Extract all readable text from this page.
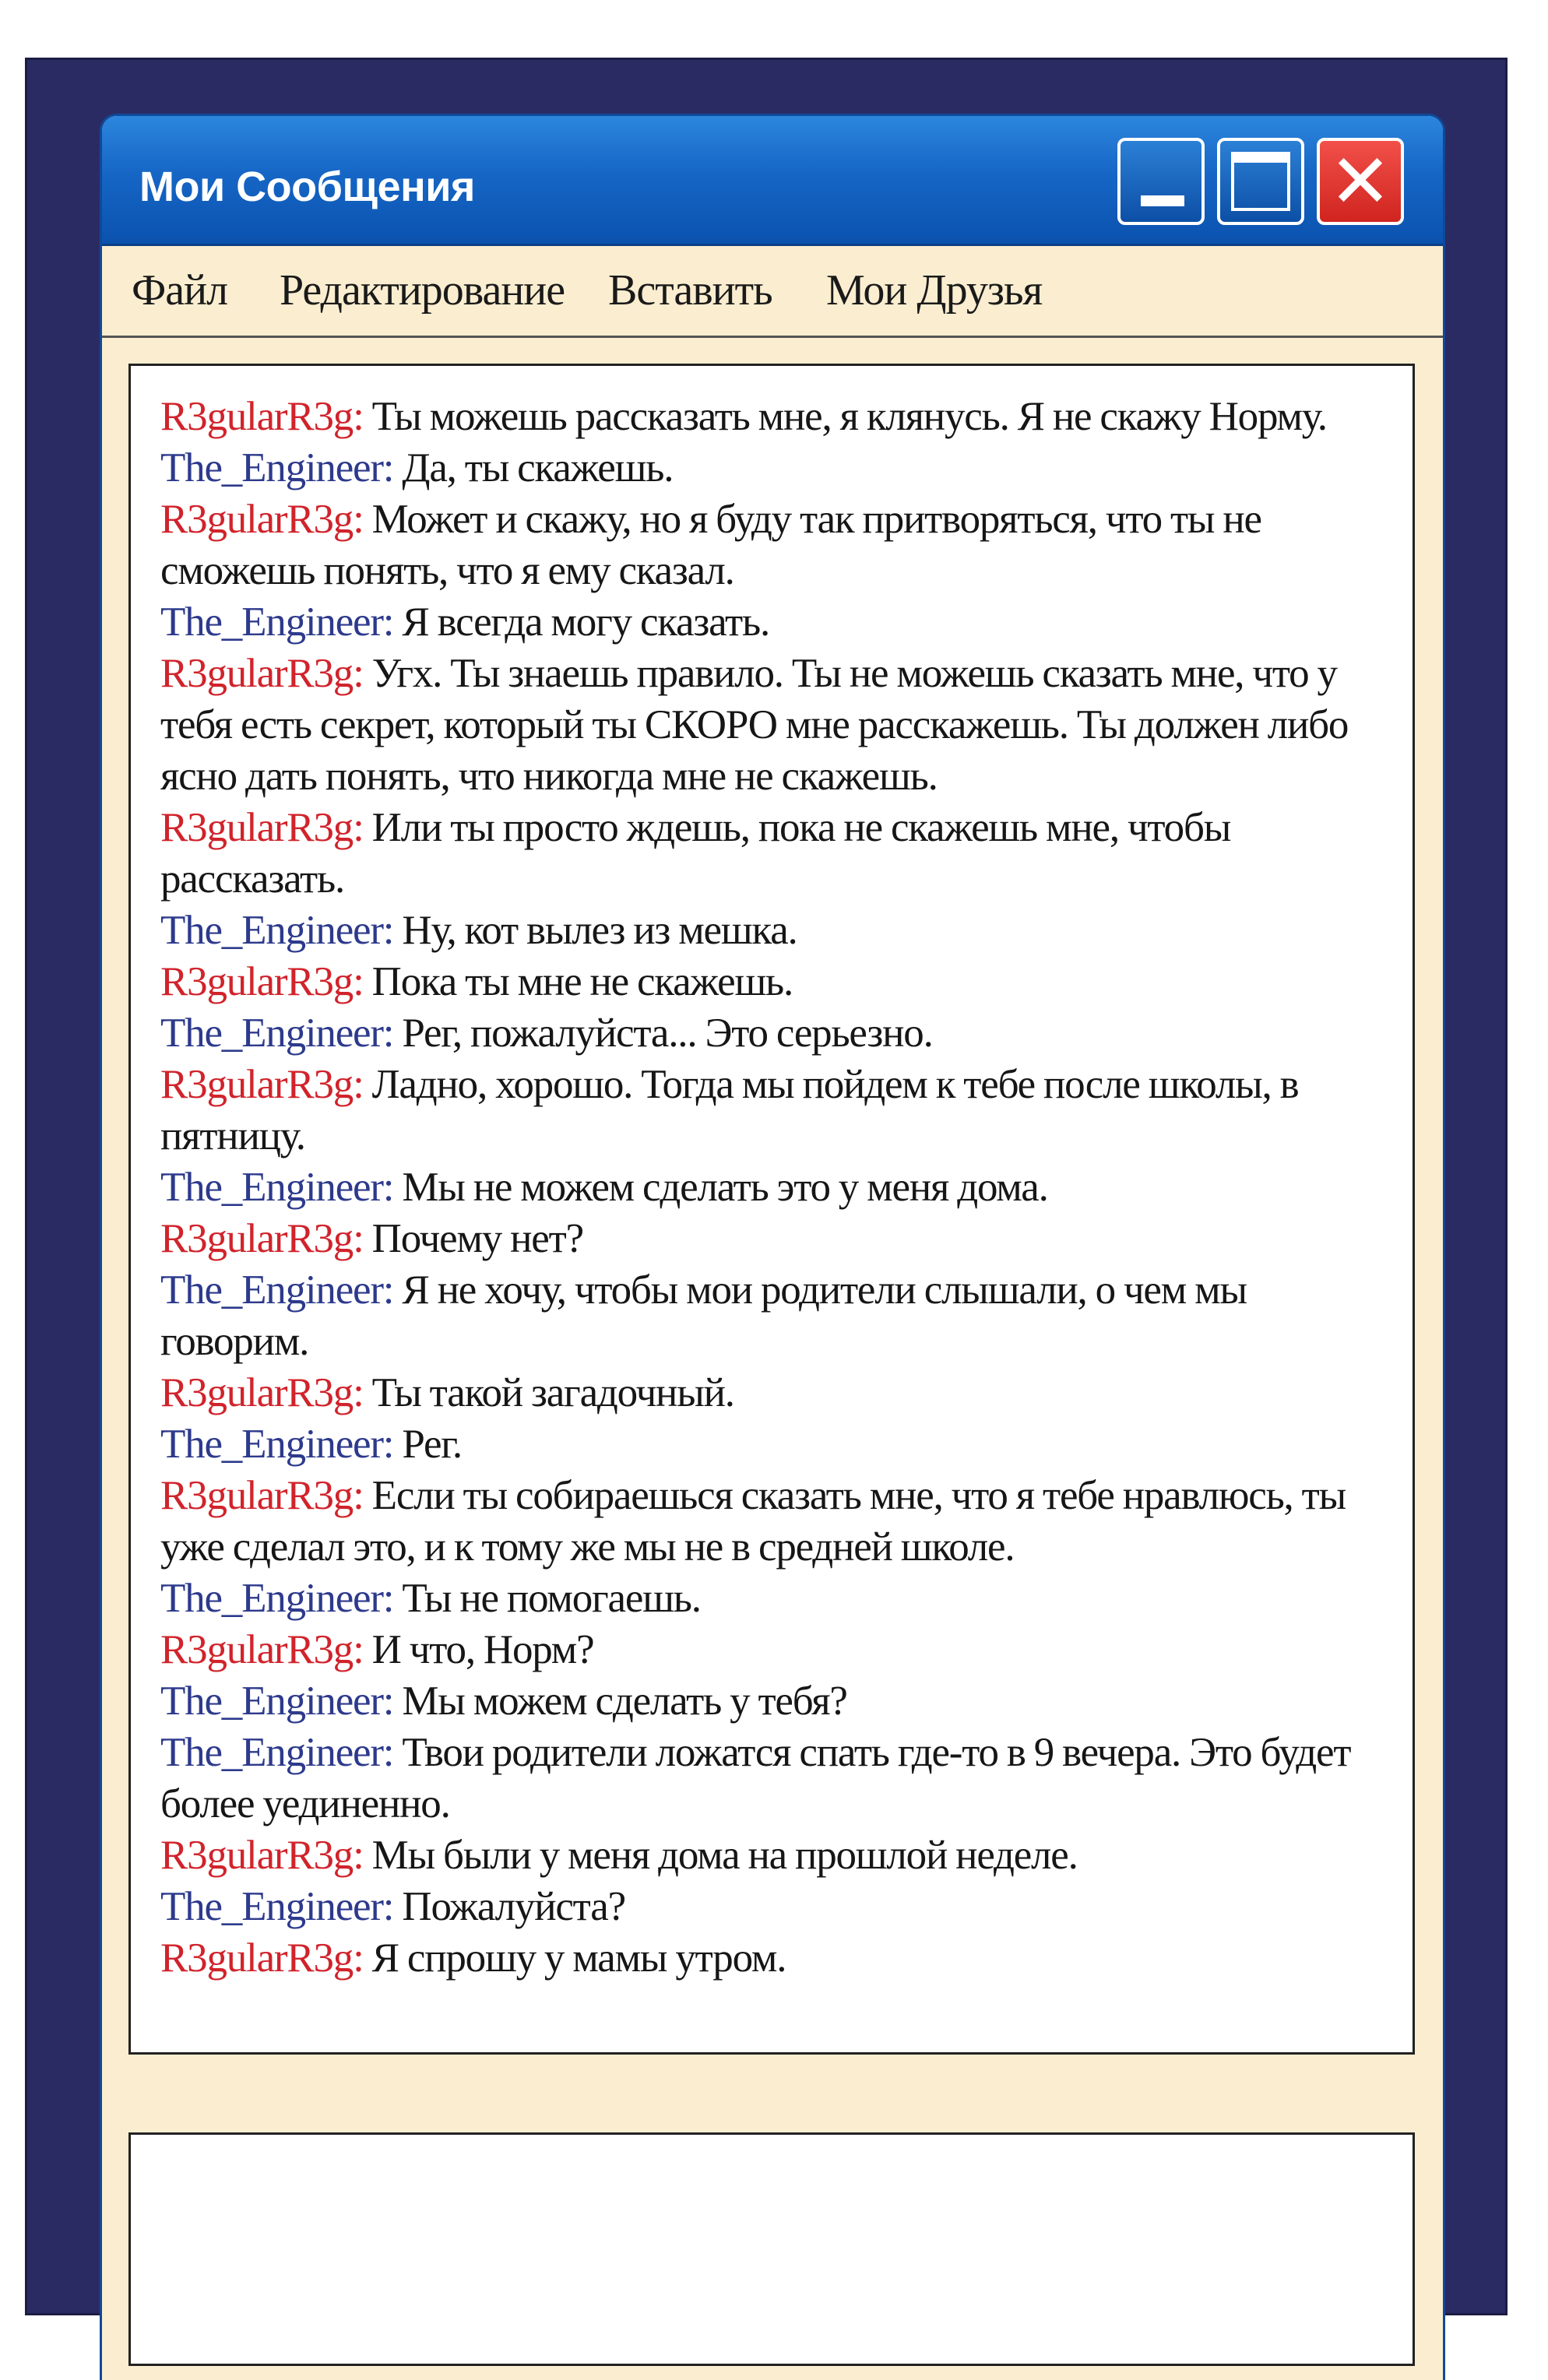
Мои Сообщения	✕
Файл Редактирование Вставить Мои Друзья
R3gularR3g: Ты можешь рассказать мне, я клянусь. Я не скажу Норму.
The_Engineer: Да, ты скажешь.
R3gularR3g: Может и скажу, но я буду так притворяться, что ты не сможешь понять, что я ему сказал.
The_Engineer: Я всегда могу сказать.
R3gularR3g: Угх. Ты знаешь правило. Ты не можешь сказать мне, что у тебя есть секрет, который ты СКОРО мне расскажешь. Ты должен либо ясно дать понять, что никогда мне не скажешь.
R3gularR3g: Или ты просто ждешь, пока не скажешь мне, чтобы рассказать.
The_Engineer: Ну, кот вылез из мешка.
R3gularR3g: Пока ты мне не скажешь.
The_Engineer: Рег, пожалуйста... Это серьезно.
R3gularR3g: Ладно, хорошо. Тогда мы пойдем к тебе после школы, в пятницу.
The_Engineer: Мы не можем сделать это у меня дома.
R3gularR3g: Почему нет?
The_Engineer: Я не хочу, чтобы мои родители слышали, о чем мы говорим.
R3gularR3g: Ты такой загадочный.
The_Engineer: Рег.
R3gularR3g: Если ты собираешься сказать мне, что я тебе нравлюсь, ты уже сделал это, и к тому же мы не в средней школе.
The_Engineer: Ты не помогаешь.
R3gularR3g: И что, Норм?
The_Engineer: Мы можем сделать у тебя?
The_Engineer: Твои родители ложатся спать где-то в 9 вечера. Это будет более уединенно.
R3gularR3g: Мы были у меня дома на прошлой неделе.
The_Engineer: Пожалуйста?
R3gularR3g: Я спрошу у мамы утром.
